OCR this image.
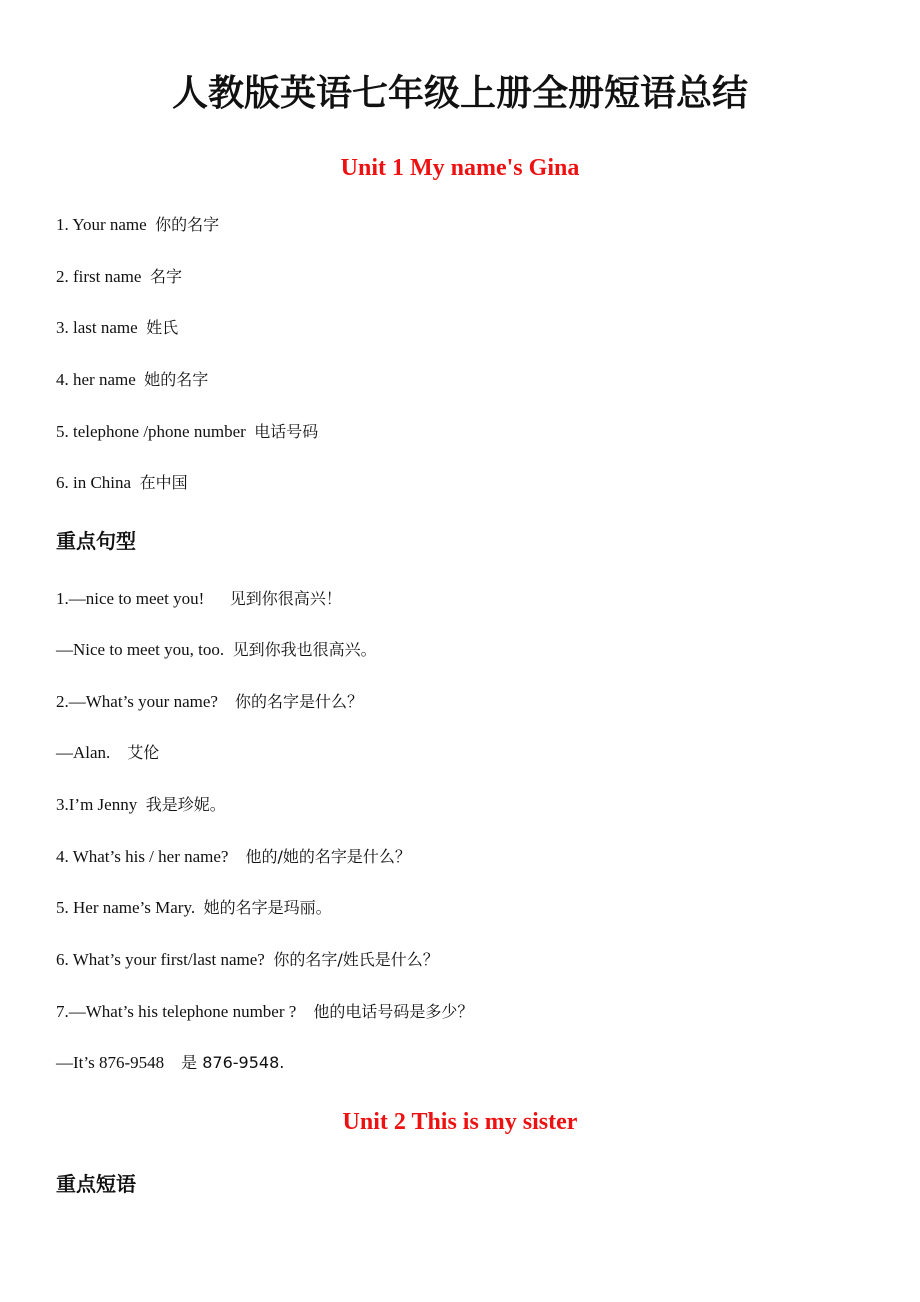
人教版英语七年级上册全册短语总结
Unit 1 My name's Gina

1. Your name  你的名字

2. first name  名字

3. last name  姓氏

4. her name  她的名字

5. telephone /phone number  电话号码

6. in China  在中国

重点句型

1.—nice to meet you!      见到你很高兴！

—Nice to meet you, too.  见到你我也很高兴。

2.—What’s your name?    你的名字是什么？

—Alan.    艾伦

3.I’m Jenny  我是珍妮。

4. What’s his / her name?    他的/她的名字是什么？

5. Her name’s Mary.  她的名字是玛丽。

6. What’s your first/last name?  你的名字/姓氏是什么？

7.—What’s his telephone number ?    他的电话号码是多少？

—It’s 876-9548    是 876-9548.

Unit 2 This is my sister
重点短语
